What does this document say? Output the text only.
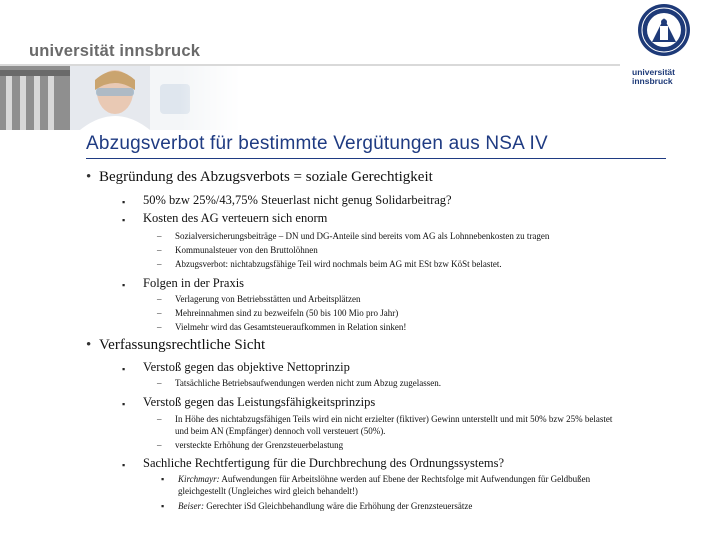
universität innsbruck
universität
innsbruck
Abzugsverbot für bestimmte Vergütungen aus NSA IV
• Begründung des Abzugsverbots = soziale Gerechtigkeit
▪ 50% bzw 25%/43,75% Steuerlast nicht genug Solidarbeitrag?
▪ Kosten des AG verteuern sich enorm
– Sozialversicherungsbeiträge – DN und DG-Anteile sind bereits vom AG als Lohnnebenkosten zu tragen
– Kommunalsteuer von den Bruttolöhnen
– Abzugsverbot: nichtabzugsfähige Teil wird nochmals beim AG mit ESt bzw KöSt belastet.
▪ Folgen in der Praxis
– Verlagerung von Betriebsstätten und Arbeitsplätzen
– Mehreinnahmen sind zu bezweifeln (50 bis 100 Mio pro Jahr)
– Vielmehr wird das Gesamtsteueraufkommen in Relation sinken!
• Verfassungsrechtliche Sicht
▪ Verstoß gegen das objektive Nettoprinzip
– Tatsächliche Betriebsaufwendungen werden nicht zum Abzug zugelassen.
▪ Verstoß gegen das Leistungsfähigkeitsprinzips
– In Höhe des nichtabzugsfähigen Teils wird ein nicht erzielter (fiktiver) Gewinn unterstellt und mit 50% bzw 25% belastet und beim AN (Empfänger) dennoch voll versteuert (50%).
– versteckte Erhöhung der Grenzsteuerbelastung
▪ Sachliche Rechtfertigung für die Durchbrechung des Ordnungssystems?
▪ Kirchmayr: Aufwendungen für Arbeitslöhne werden auf Ebene der Rechtsfolge mit Aufwendungen für Geldbußen gleichgestellt (Ungleiches wird gleich behandelt!)
▪ Beiser: Gerechter iSd Gleichbehandlung wäre die Erhöhung der Grenzsteuersätze
